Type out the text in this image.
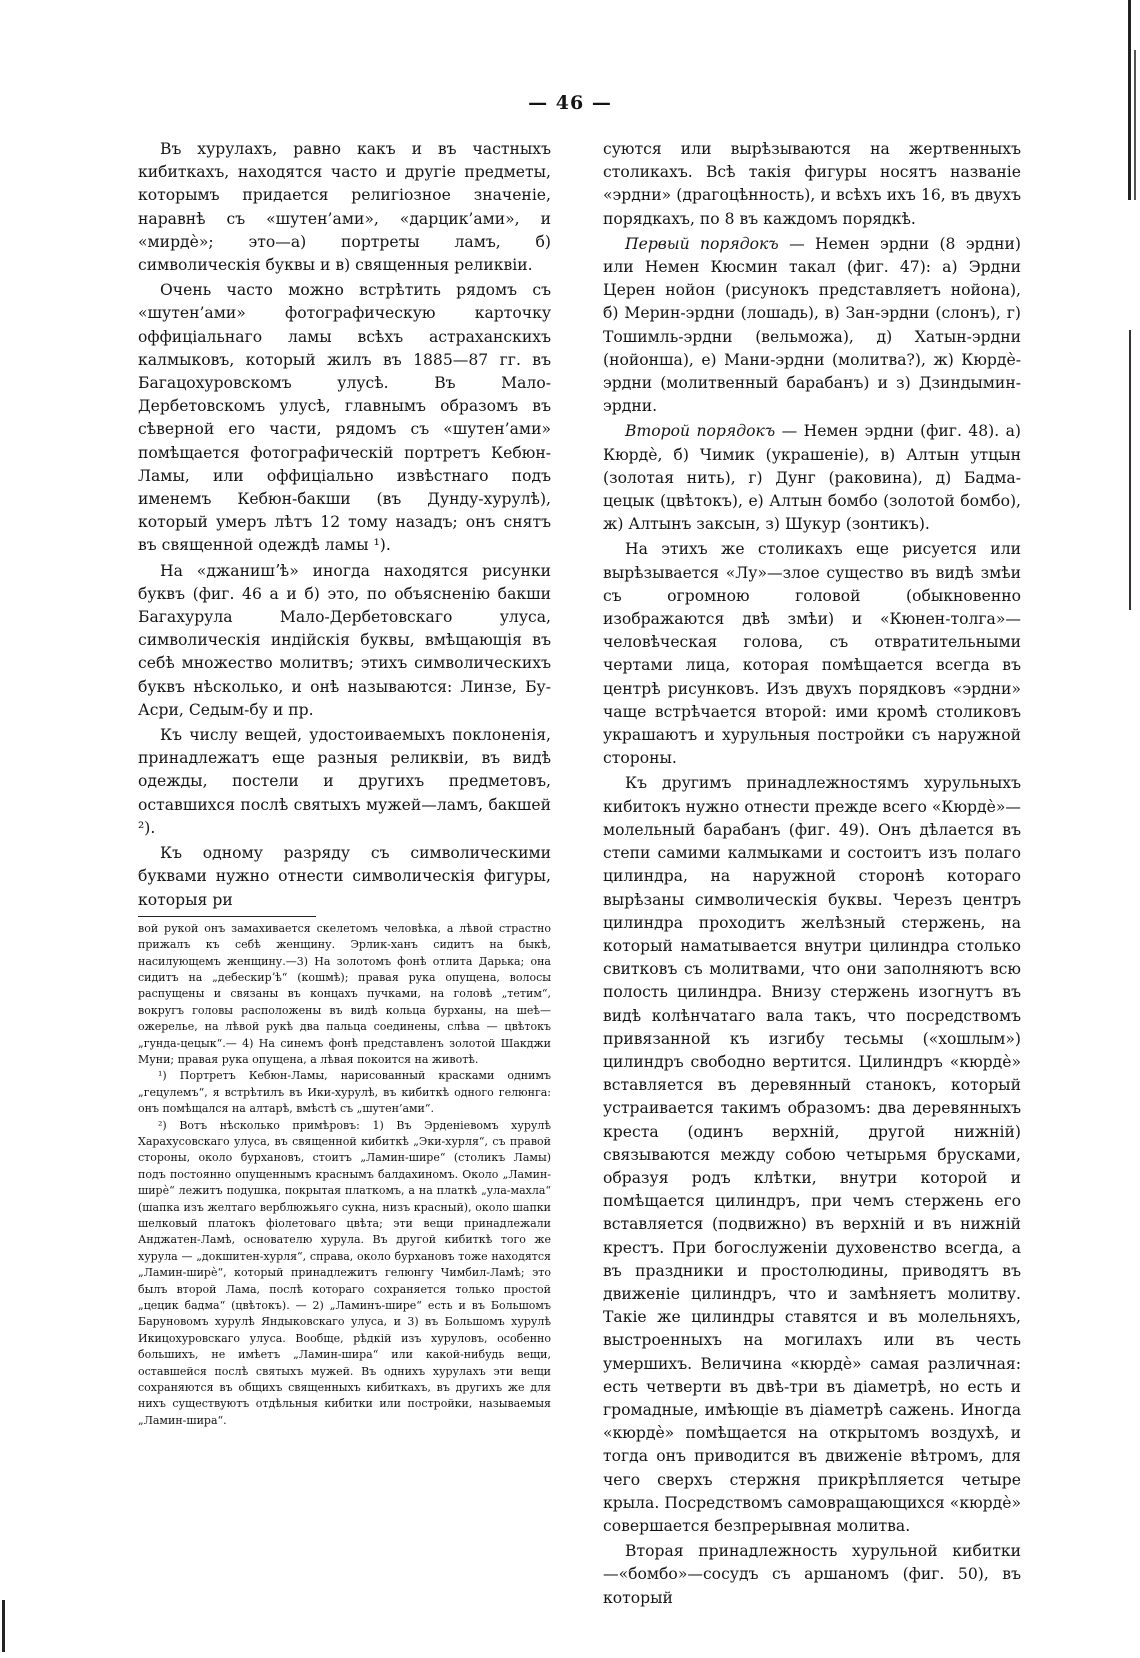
— 46 —

Въ хурулахъ, равно какъ и въ частныхъ кибиткахъ, находятся часто и другіе предметы, которымъ придается религіозное значеніе, наравнѣ съ «шутен’ами», «дарцик’ами», и «мирдѐ»; это—а) портреты ламъ, б) символическія буквы и в) священныя реликвіи.

Очень часто можно встрѣтить рядомъ съ «шутен’ами» фотографическую карточку оффиціальнаго ламы всѣхъ астраханскихъ калмыковъ, который жилъ въ 1885—87 гг. въ Багацохуровскомъ улусѣ. Въ Мало-Дербетовскомъ улусѣ, главнымъ образомъ въ сѣверной его части, рядомъ съ «шутен’ами» помѣщается фотографическій портретъ Кебюн-Ламы, или оффиціально извѣстнаго подъ именемъ Кебюн-бакши (въ Дунду-хурулѣ), который умеръ лѣтъ 12 тому назадъ; онъ снятъ въ священной одеждѣ ламы ¹).

На «джанишʼѣ» иногда находятся рисунки буквъ (фиг. 46 а и б) это, по объясненію бакши Багахурула Мало-Дербетовскаго улуса, символическія индійскія буквы, вмѣщающія въ себѣ множество молитвъ; этихъ символическихъ буквъ нѣсколько, и онѣ называются: Линзе, Бу-Асри, Седым-бу и пр.

Къ числу вещей, удостоиваемыхъ поклоненія, принадлежатъ еще разныя реликвіи, въ видѣ одежды, постели и другихъ предметовъ, оставшихся послѣ святыхъ мужей—ламъ, бакшей ²).

Къ одному разряду съ символическими буквами нужно отнести символическія фигуры, которыя ри

вой рукой онъ замахивается скелетомъ человѣка, а лѣвой страстно прижалъ къ себѣ женщину. Эрлик-ханъ сидитъ на быкѣ, насилующемъ женщину.—3) На золотомъ фонѣ отлита Дарька; она сидитъ на „дебескирʼѣ“ (кошмѣ); правая рука опущена, волосы распущены и связаны въ концахъ пучками, на головѣ „тетим“, вокругъ головы расположены въ видѣ кольца бурханы, на шеѣ—ожерелье, на лѣвой рукѣ два пальца соединены, слѣва — цвѣтокъ „гунда-цецык“.— 4) На синемъ фонѣ представленъ золотой Шакджи Муни; правая рука опущена, а лѣвая покоится на животѣ.

¹) Портретъ Кебюн-Ламы, нарисованный красками однимъ „гецулемъ“, я встрѣтилъ въ Ики-хурулѣ, въ кибиткѣ одного гелюнга: онъ помѣщался на алтарѣ, вмѣстѣ съ „шутен’ами“.

²) Вотъ нѣсколько примѣровъ: 1) Въ Эрденіевомъ хурулѣ Харахусовскаго улуса, въ священной кибиткѣ „Эки-хурля“, съ правой стороны, около бурхановъ, стоитъ „Ламин-шире“ (столикъ Ламы) подъ постоянно опущеннымъ краснымъ балдахиномъ. Около „Ламин-ширѐ“ лежитъ подушка, покрытая платкомъ, а на платкѣ „ула-махла“ (шапка изъ желтаго верблюжьяго сукна, низъ красный), около шапки шелковый платокъ фіолетоваго цвѣта; эти вещи принадлежали Анджатен-Ламѣ, основателю хурула. Въ другой кибиткѣ того же хурула — „докшитен-хурля“, справа, около бурхановъ тоже находятся „Ламин-ширѐ“, который принадлежитъ гелюнгу Чимбил-Ламѣ; это былъ второй Лама, послѣ котораго сохраняется только простой „цецик бадма“ (цвѣтокъ). — 2) „Ламинъ-шире“ есть и въ Большомъ Баруновомъ хурулѣ Яндыковскаго улуса, и 3) въ Большомъ хурулѣ Икицохуровскаго улуса. Вообще, рѣдкій изъ хуруловъ, особенно большихъ, не имѣетъ „Ламин-шира“ или какой-нибудь вещи, оставшейся послѣ святыхъ мужей. Въ однихъ хурулахъ эти вещи сохраняются въ общихъ священныхъ кибиткахъ, въ другихъ же для нихъ существуютъ отдѣльныя кибитки или постройки, называемыя „Ламин-шира“.

суются или вырѣзываются на жертвенныхъ столикахъ. Всѣ такія фигуры носятъ названіе «эрдни» (драгоцѣнность), и всѣхъ ихъ 16, въ двухъ порядкахъ, по 8 въ каждомъ порядкѣ.

Первый порядокъ — Немен эрдни (8 эрдни) или Немен Кюсмин такал (фиг. 47): а) Эрдни Церен нойон (рисунокъ представляетъ нойона), б) Мерин-эрдни (лошадь), в) Зан-эрдни (слонъ), г) Тошимль-эрдни (вельможа), д) Хатын-эрдни (нойонша), е) Мани-эрдни (молитва?), ж) Кюрдѐ-эрдни (молитвенный барабанъ) и з) Дзиндымин-эрдни.

Второй порядокъ — Немен эрдни (фиг. 48). а) Кюрдѐ, б) Чимик (украшеніе), в) Алтын утцын (золотая нить), г) Дунг (раковина), д) Бадма-цецык (цвѣтокъ), е) Алтын бомбо (золотой бомбо), ж) Алтынъ заксын, з) Шукур (зонтикъ).

На этихъ же столикахъ еще рисуется или вырѣзывается «Лу»—злое существо въ видѣ змѣи съ огромною головой (обыкновенно изображаются двѣ змѣи) и «Кюнен-толга»—человѣческая голова, съ отвратительными чертами лица, которая помѣщается всегда въ центрѣ рисунковъ. Изъ двухъ порядковъ «эрдни» чаще встрѣчается второй: ими кромѣ столиковъ украшаютъ и хурульныя постройки съ наружной стороны.

Къ другимъ принадлежностямъ хурульныхъ кибитокъ нужно отнести прежде всего «Кюрдѐ»—молельный барабанъ (фиг. 49). Онъ дѣлается въ степи самими калмыками и состоитъ изъ полаго цилиндра, на наружной сторонѣ котораго вырѣзаны символическія буквы. Черезъ центръ цилиндра проходитъ желѣзный стержень, на который наматывается внутри цилиндра столько свитковъ съ молитвами, что они заполняютъ всю полость цилиндра. Внизу стержень изогнутъ въ видѣ колѣнчатаго вала такъ, что посредствомъ привязанной къ изгибу тесьмы («хошлым») цилиндръ свободно вертится. Цилиндръ «кюрдѐ» вставляется въ деревянный станокъ, который устраивается такимъ образомъ: два деревянныхъ креста (одинъ верхній, другой нижній) связываются между собою четырьмя брусками, образуя родъ клѣтки, внутри которой и помѣщается цилиндръ, при чемъ стержень его вставляется (подвижно) въ верхній и въ нижній крестъ. При богослуженіи духовенство всегда, а въ праздники и простолюдины, приводятъ въ движеніе цилиндръ, что и замѣняетъ молитву. Такіе же цилиндры ставятся и въ молельняхъ, выстроенныхъ на могилахъ или въ честь умершихъ. Величина «кюрдѐ» самая различная: есть четверти въ двѣ-три въ діаметрѣ, но есть и громадные, имѣющіе въ діаметрѣ сажень. Иногда «кюрдѐ» помѣщается на открытомъ воздухѣ, и тогда онъ приводится въ движеніе вѣтромъ, для чего сверхъ стержня прикрѣпляется четыре крыла. Посредствомъ самовращающихся «кюрдѐ» совершается безпрерывная молитва.

Вторая принадлежность хурульной кибитки—«бомбо»—сосудъ съ аршаномъ (фиг. 50), въ который
